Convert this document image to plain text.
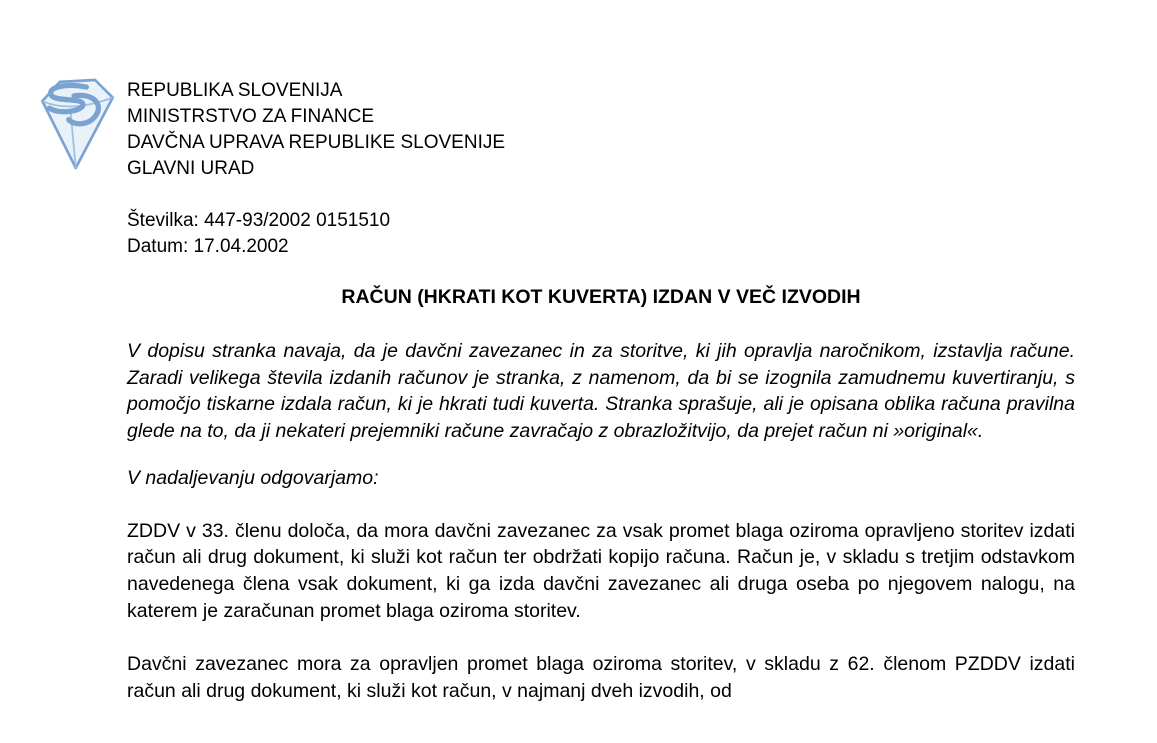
REPUBLIKA SLOVENIJA
MINISTRSTVO ZA FINANCE
DAVČNA UPRAVA REPUBLIKE SLOVENIJE
GLAVNI URAD
Številka: 447-93/2002 0151510
Datum: 17.04.2002
RAČUN (HKRATI KOT KUVERTA) IZDAN V VEČ IZVODIH

V dopisu stranka navaja, da je davčni zavezanec in za storitve, ki jih opravlja naročnikom, izstavlja račune. Zaradi velikega števila izdanih računov je stranka, z namenom, da bi se izognila zamudnemu kuvertiranju, s pomočjo tiskarne izdala račun, ki je hkrati tudi kuverta. Stranka sprašuje, ali je opisana oblika računa pravilna glede na to, da ji nekateri prejemniki račune zavračajo z obrazložitvijo, da prejet račun ni »original«.

V nadaljevanju odgovarjamo:

ZDDV v 33. členu določa, da mora davčni zavezanec za vsak promet blaga oziroma opravljeno storitev izdati račun ali drug dokument, ki služi kot račun ter obdržati kopijo računa. Račun je, v skladu s tretjim odstavkom navedenega člena vsak dokument, ki ga izda davčni zavezanec ali druga oseba po njegovem nalogu, na katerem je zaračunan promet blaga oziroma storitev.

Davčni zavezanec mora za opravljen promet blaga oziroma storitev, v skladu z 62. členom PZDDV izdati račun ali drug dokument, ki služi kot račun, v najmanj dveh izvodih, od
